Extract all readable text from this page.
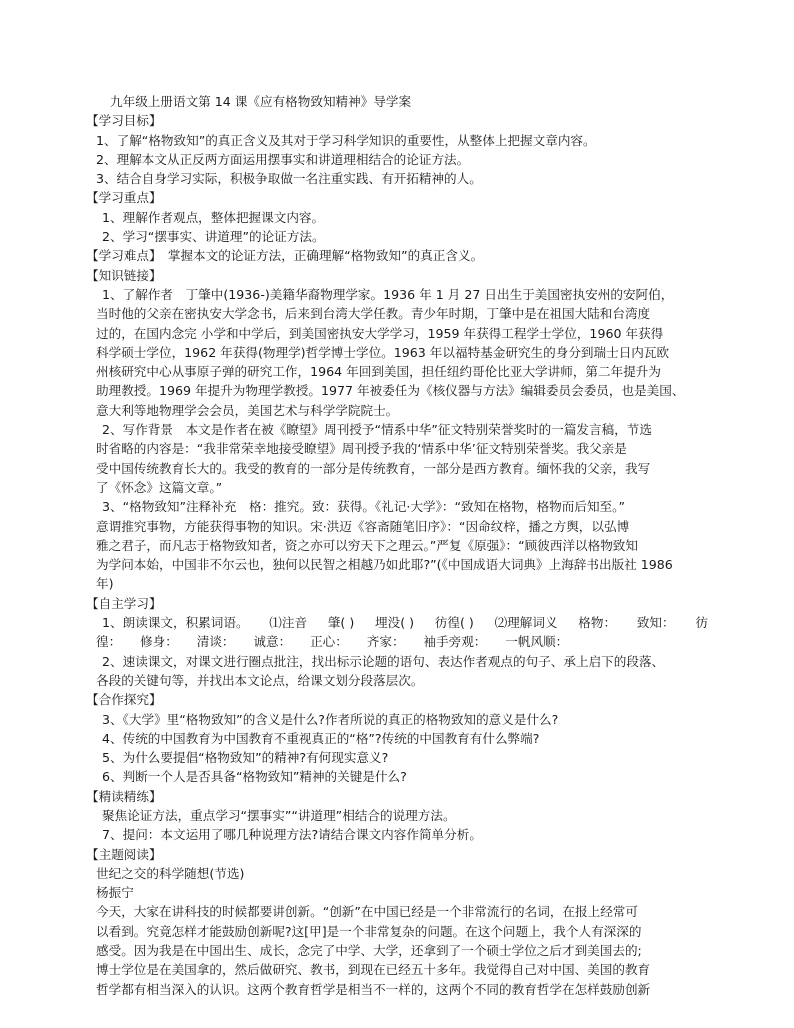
九年级上册语文第 14 课《应有格物致知精神》导学案
【学习目标】
1、了解“格物致知”的真正含义及其对于学习科学知识的重要性，从整体上把握文章内容。
2、理解本文从正反两方面运用摆事实和讲道理相结合的论证方法。
3、结合自身学习实际，积极争取做一名注重实践、有开拓精神的人。
【学习重点】
1、理解作者观点，整体把握课文内容。
2、学习“摆事实、讲道理”的论证方法。
【学习难点】　掌握本文的论证方法，正确理解“格物致知”的真正含义。
【知识链接】
1、了解作者　丁肇中(1936-)美籍华裔物理学家。1936 年 1 月 27 日出生于美国密执安州的安阿伯，
当时他的父亲在密执安大学念书，后来到台湾大学任教。青少年时期，丁肇中是在祖国大陆和台湾度
过的，在国内念完 小学和中学后，到美国密执安大学学习，1959 年获得工程学士学位，1960 年获得
科学硕士学位，1962 年获得(物理学)哲学博士学位。1963 年以福特基金研究生的身分到瑞士日内瓦欧
州核研究中心从事原子弹的研究工作，1964 年回到美国，担任纽约哥伦比亚大学讲师，第二年提升为
助理教授。1969 年提升为物理学教授。1977 年被委任为《核仪器与方法》编辑委员会委员，也是美国、
意大利等地物理学会会员，美国艺术与科学学院院士。
2、写作背景　本文是作者在被《瞭望》周刊授予“情系中华”征文特别荣誉奖时的一篇发言稿，节选
时省略的内容是：“我非常荣幸地接受瞭望》周刊授予我的‘情系中华’征文特别荣誉奖。我父亲是
受中国传统教育长大的。我受的教育的一部分是传统教育，一部分是西方教育。缅怀我的父亲，我写
了《怀念》这篇文章。”
3、“格物致知”注释补充　格：推究。致：获得。《礼记·大学》：“致知在格物，格物而后知至。”
意谓推究事物，方能获得事物的知识。宋·洪迈《容斋随笔旧序》：“因命纹梓，播之方舆，以弘博
雅之君子，而凡志于格物致知者，资之亦可以穷天下之理云。”严复《原强》：“顾彼西洋以格物致知
为学问本始，中国非不尔云也，独何以民智之相越乃如此耶?”(《中国成语大词典》上海辞书出版社 1986
年)
【自主学习】
1、朗读课文，积累词语。 ⑴注音 肇( ) 埋没( ) 彷徨( ) ⑵理解词义 格物： 致知： 彷
徨：　　修身：　　清谈：　　诚意：　　正心：　　齐家：　　袖手旁观：　　一帆风顺：
2、速读课文，对课文进行圈点批注，找出标示论题的语句、表达作者观点的句子、承上启下的段落、
各段的关键句等，并找出本文论点，给课文划分段落层次。
【合作探究】
3、《大学》里“格物致知”的含义是什么?作者所说的真正的格物致知的意义是什么?
4、传统的中国教育为中国教育不重视真正的“格”?传统的中国教育有什么弊端?
5、为什么要提倡“格物致知”的精神?有何现实意义?
6、判断一个人是否具备“格物致知”精神的关键是什么?
【精读精练】
聚焦论证方法，重点学习“摆事实”“讲道理”相结合的说理方法。
7、提问：本文运用了哪几种说理方法?请结合课文内容作简单分析。
【主题阅读】
世纪之交的科学随想(节选)
杨振宁
今天，大家在讲科技的时候都要讲创新。“创新”在中国已经是一个非常流行的名词，在报上经常可
以看到。究竟怎样才能鼓励创新呢?这[甲]是一个非常复杂的问题。在这个问题上，我个人有深深的
感受。因为我是在中国出生、成长，念完了中学、大学，还拿到了一个硕士学位之后才到美国去的;
博士学位是在美国拿的，然后做研究、教书，到现在已经五十多年。我觉得自己对中国、美国的教育
哲学都有相当深入的认识。这两个教育哲学是相当不一样的，这两个不同的教育哲学在怎样鼓励创新
